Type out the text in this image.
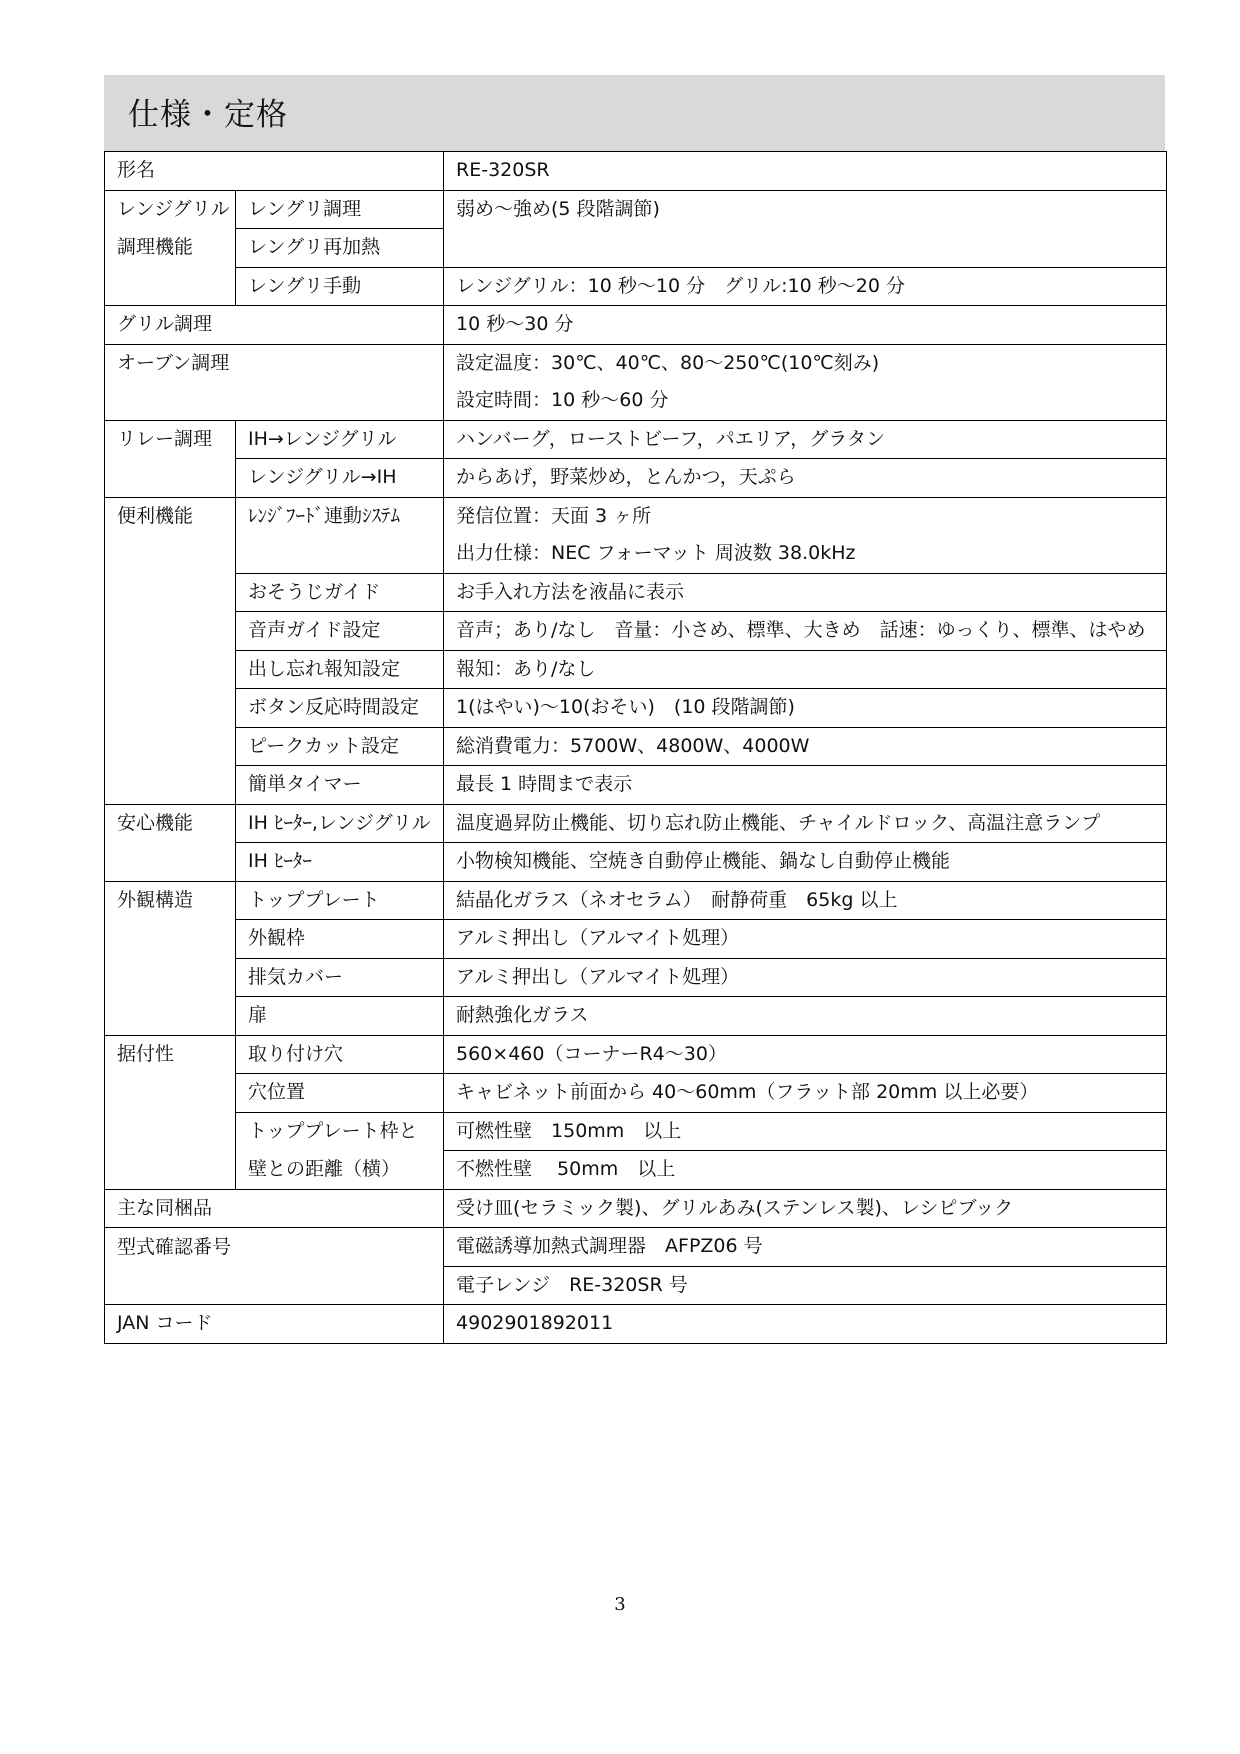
仕様・定格
形名		RE-320SR
レンジグリル	レングリ調理	弱め～強め(5 段階調節)
調理機能	レングリ再加熱	
	レングリ手動	レンジグリル：10 秒～10 分　グリル:10 秒～20 分
グリル調理		10 秒～30 分
オーブン調理		設定温度：30℃、40℃、80～250℃(10℃刻み)
		設定時間：10 秒～60 分
リレー調理	IH→レンジグリル	ハンバーグ，ローストビーフ，パエリア，グラタン
	レンジグリル→IH	からあげ，野菜炒め，とんかつ，天ぷら
便利機能	ﾚﾝｼﾞﾌｰﾄﾞ連動ｼｽﾃﾑ	発信位置：天面 3 ヶ所
		出力仕様：NEC フォーマット 周波数 38.0kHz
	おそうじガイド	お手入れ方法を液晶に表示
	音声ガイド設定	音声；あり/なし　音量：小さめ、標準、大きめ　話速：ゆっくり、標準、はやめ
	出し忘れ報知設定	報知：あり/なし
	ボタン反応時間設定	1(はやい)～10(おそい)　(10 段階調節)
	ピークカット設定	総消費電力：5700W、4800W、4000W
	簡単タイマー	最長 1 時間まで表示
安心機能	IH ﾋｰﾀｰ,レンジグリル	温度過昇防止機能、切り忘れ防止機能、チャイルドロック、高温注意ランプ
	IH ﾋｰﾀｰ	小物検知機能、空焼き自動停止機能、鍋なし自動停止機能
外観構造	トッププレート	結晶化ガラス（ネオセラム）　耐静荷重　65kg 以上
	外観枠	アルミ押出し（アルマイト処理）
	排気カバー	アルミ押出し（アルマイト処理）
	扉	耐熱強化ガラス
据付性	取り付け穴	560×460（コーナーR4～30）
	穴位置	キャビネット前面から 40～60mm（フラット部 20mm 以上必要）
	トッププレート枠と	可燃性壁　150mm　以上
	壁との距離（横）	不燃性壁　 50mm　以上
主な同梱品		受け皿(セラミック製)、グリルあみ(ステンレス製)、レシピブック
型式確認番号		電磁誘導加熱式調理器　AFPZ06 号
		電子レンジ　RE-320SR 号
JAN コード		4902901892011
3
